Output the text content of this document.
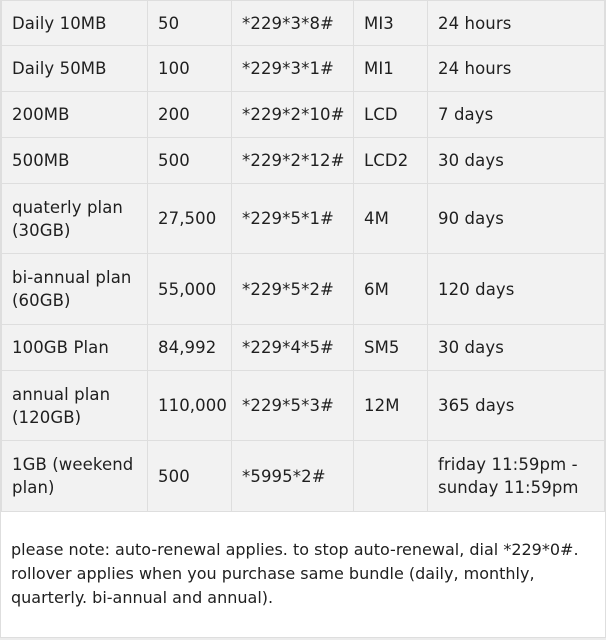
Daily 10MB	50	*229*3*8#	MI3	24 hours
Daily 50MB	100	*229*3*1#	MI1	24 hours
200MB	200	*229*2*10#	LCD	7 days
500MB	500	*229*2*12#	LCD2	30 days
quaterly plan (30GB)	27,500	*229*5*1#	4M	90 days
bi-annual plan (60GB)	55,000	*229*5*2#	6M	120 days
100GB Plan	84,992	*229*4*5#	SM5	30 days
annual plan (120GB)	110,000	*229*5*3#	12M	365 days
1GB (weekend plan)	500	*5995*2#		friday 11:59pm - sunday 11:59pm
please note: auto-renewal applies. to stop auto-renewal, dial *229*0#. rollover applies when you purchase same bundle (daily, monthly, quarterly. bi-annual and annual).
